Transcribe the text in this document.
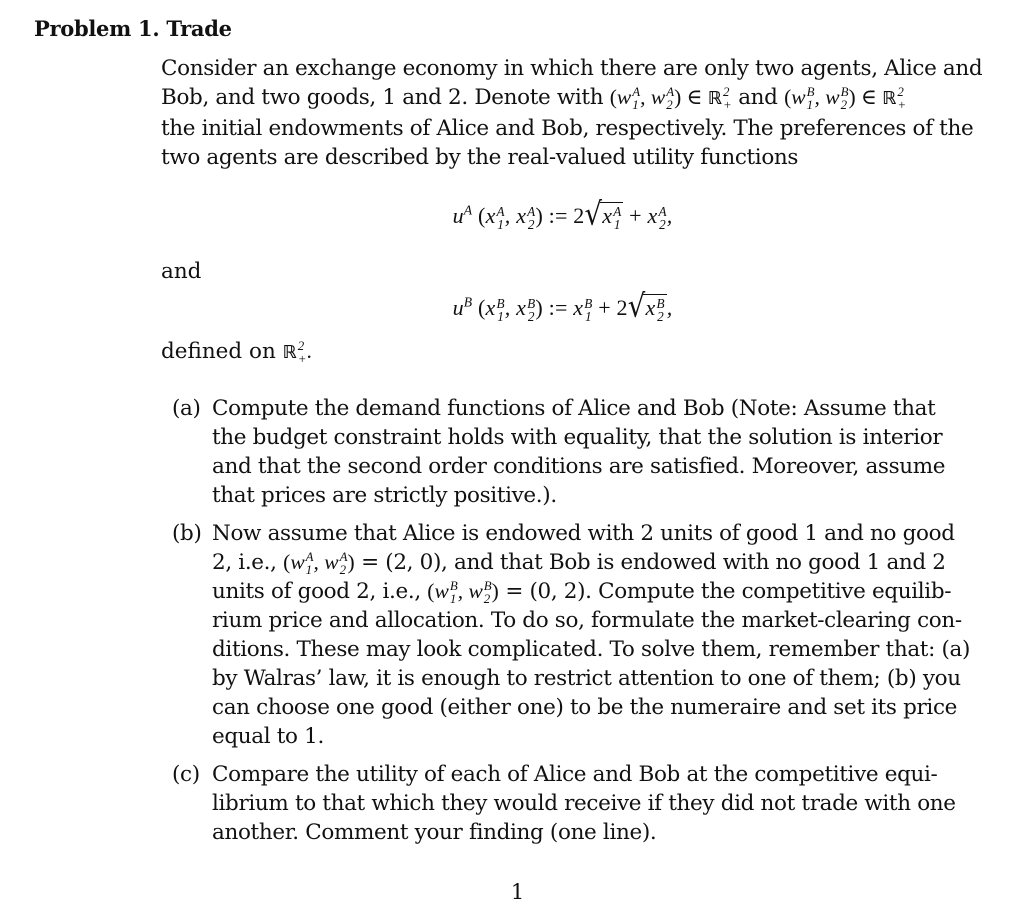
Problem 1. Trade
Consider an exchange economy in which there are only two agents, Alice and
Bob, and two goods, 1 and 2. Denote with (w A
1 , w A
2 ) ∈ ℝ 2
+ and (w B
1 , w B
2 ) ∈ ℝ 2
+
the initial endowments of Alice and Bob, respectively. The preferences of the
two agents are described by the real-valued utility functions
$u^A$ (x A
1 , x A
2 ) := 2√x A
1 + x A
2 ,
and
$u^B$ (x B
1 , x B
2 ) := x B
1 + 2√x B
2 ,
defined on ℝ 2
+ .
(a) Compute the demand functions of Alice and Bob (Note: Assume that
the budget constraint holds with equality, that the solution is interior
and that the second order conditions are satisfied. Moreover, assume
that prices are strictly positive.).
(b) Now assume that Alice is endowed with 2 units of good 1 and no good
2, i.e., (w A
1 , w A
2 ) = (2, 0), and that Bob is endowed with no good 1 and 2
units of good 2, i.e., (w B
1 , w B
2 ) = (0, 2). Compute the competitive equilib-
rium price and allocation. To do so, formulate the market-clearing con-
ditions. These may look complicated. To solve them, remember that: (a)
by Walras’ law, it is enough to restrict attention to one of them; (b) you
can choose one good (either one) to be the numeraire and set its price
equal to 1.
(c) Compare the utility of each of Alice and Bob at the competitive equi-
librium to that which they would receive if they did not trade with one
another. Comment your finding (one line).
1
